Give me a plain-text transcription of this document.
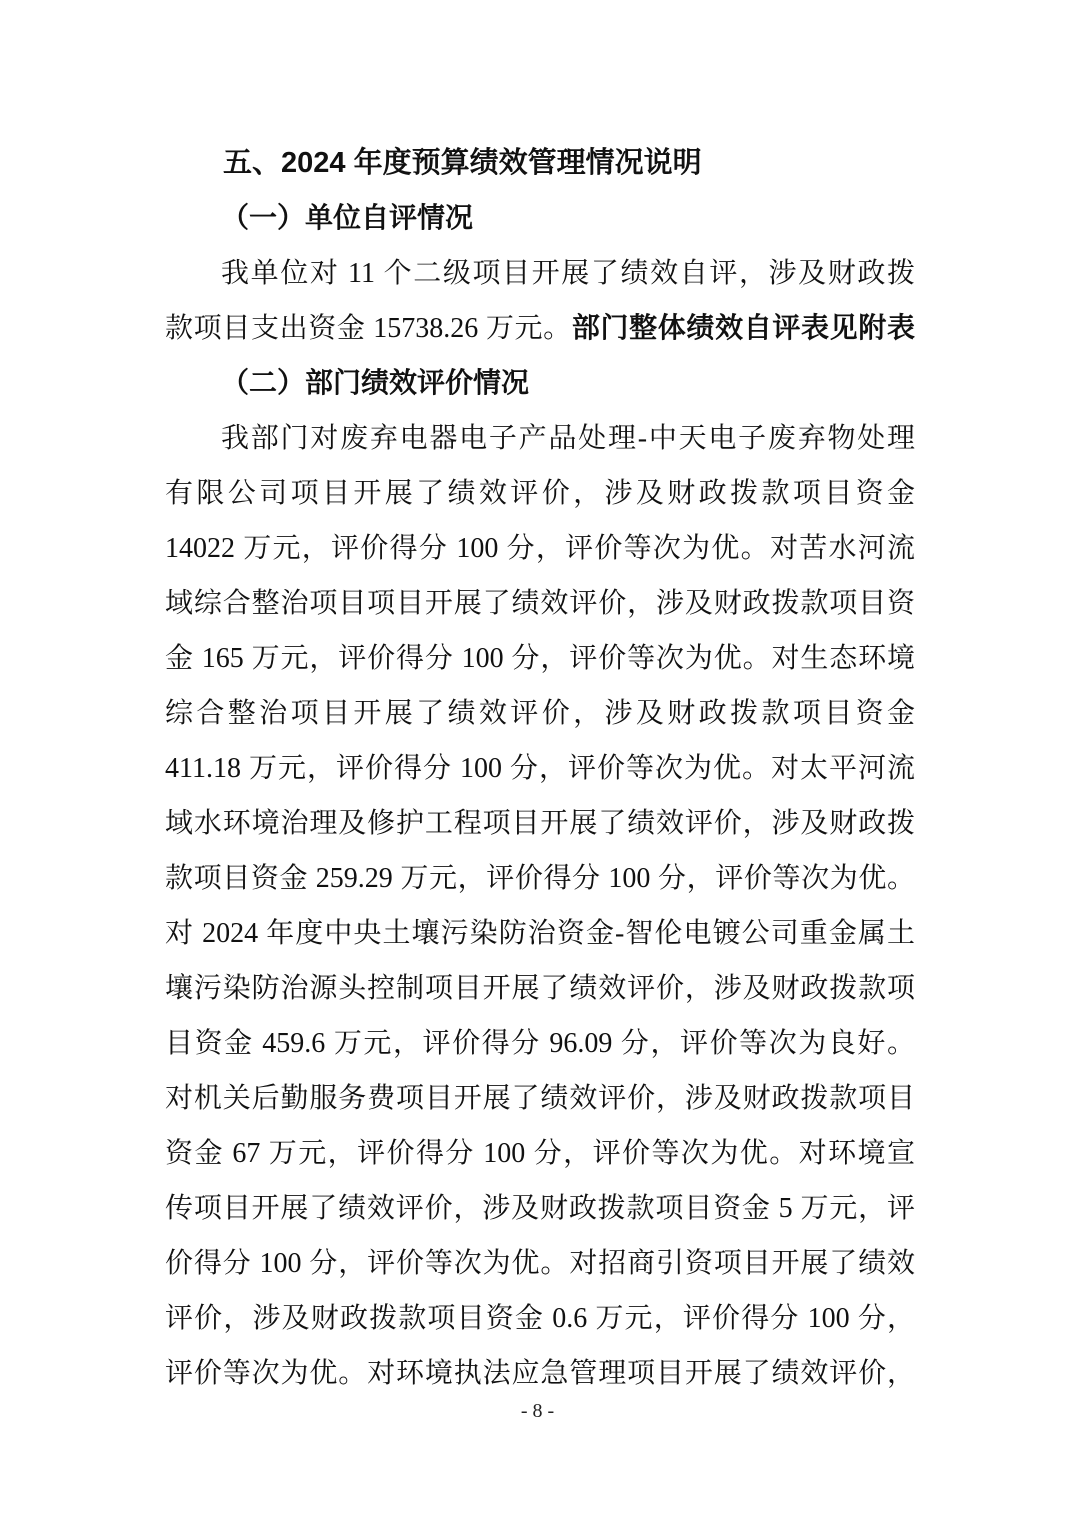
五、2024 年度预算绩效管理情况说明
（一）单位自评情况
我单位对 11 个二级项目开展了绩效自评，涉及财政拨
款项目支出资金 15738.26 万元。部门整体绩效自评表见附表
（二）部门绩效评价情况
我部门对废弃电器电子产品处理-中天电子废弃物处理
有限公司项目开展了绩效评价，涉及财政拨款项目资金
14022 万元，评价得分 100 分，评价等次为优。对苦水河流
域综合整治项目项目开展了绩效评价，涉及财政拨款项目资
金 165 万元，评价得分 100 分，评价等次为优。对生态环境
综合整治项目开展了绩效评价，涉及财政拨款项目资金
411.18 万元，评价得分 100 分，评价等次为优。对太平河流
域水环境治理及修护工程项目开展了绩效评价，涉及财政拨
款项目资金 259.29 万元，评价得分 100 分，评价等次为优。
对 2024 年度中央土壤污染防治资金-智伦电镀公司重金属土
壤污染防治源头控制项目开展了绩效评价，涉及财政拨款项
目资金 459.6 万元，评价得分 96.09 分，评价等次为良好。
对机关后勤服务费项目开展了绩效评价，涉及财政拨款项目
资金 67 万元，评价得分 100 分，评价等次为优。对环境宣
传项目开展了绩效评价，涉及财政拨款项目资金 5 万元，评
价得分 100 分，评价等次为优。对招商引资项目开展了绩效
评价，涉及财政拨款项目资金 0.6 万元，评价得分 100 分，
评价等次为优。对环境执法应急管理项目开展了绩效评价，
- 8 -
